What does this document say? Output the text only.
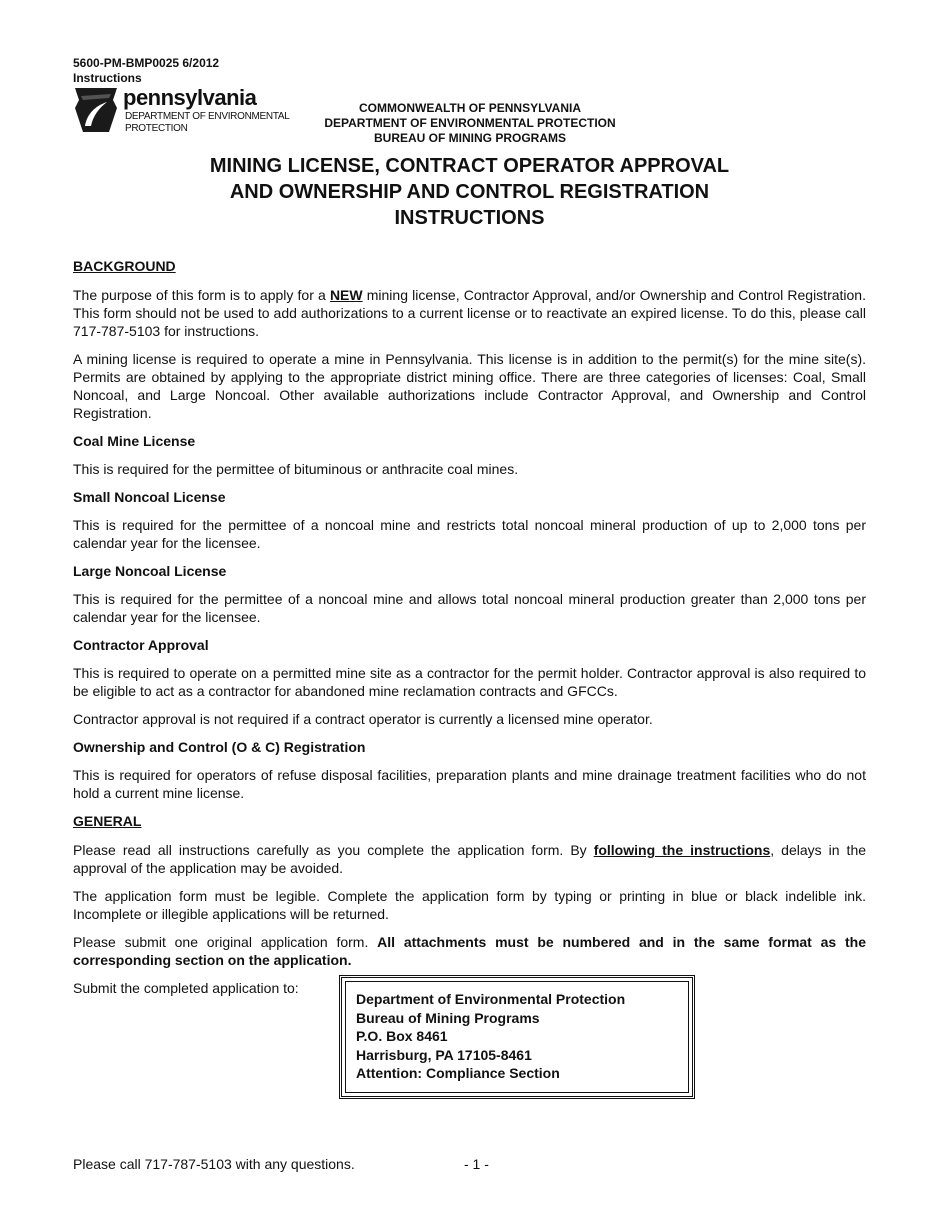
5600-PM-BMP0025 6/2012
Instructions
pennsylvania
DEPARTMENT OF ENVIRONMENTAL
PROTECTION
COMMONWEALTH OF PENNSYLVANIA
DEPARTMENT OF ENVIRONMENTAL PROTECTION
BUREAU OF MINING PROGRAMS
MINING LICENSE, CONTRACT OPERATOR APPROVAL
AND OWNERSHIP AND CONTROL REGISTRATION
INSTRUCTIONS
BACKGROUND

The purpose of this form is to apply for a NEW mining license, Contractor Approval, and/or Ownership and Control Registration. This form should not be used to add authorizations to a current license or to reactivate an expired license. To do this, please call 717-787-5103 for instructions.

A mining license is required to operate a mine in Pennsylvania. This license is in addition to the permit(s) for the mine site(s). Permits are obtained by applying to the appropriate district mining office. There are three categories of licenses: Coal, Small Noncoal, and Large Noncoal. Other available authorizations include Contractor Approval, and Ownership and Control Registration.

Coal Mine License

This is required for the permittee of bituminous or anthracite coal mines.

Small Noncoal License

This is required for the permittee of a noncoal mine and restricts total noncoal mineral production of up to 2,000 tons per calendar year for the licensee.

Large Noncoal License

This is required for the permittee of a noncoal mine and allows total noncoal mineral production greater than 2,000 tons per calendar year for the licensee.

Contractor Approval

This is required to operate on a permitted mine site as a contractor for the permit holder. Contractor approval is also required to be eligible to act as a contractor for abandoned mine reclamation contracts and GFCCs.

Contractor approval is not required if a contract operator is currently a licensed mine operator.

Ownership and Control (O & C) Registration

This is required for operators of refuse disposal facilities, preparation plants and mine drainage treatment facilities who do not hold a current mine license.

GENERAL

Please read all instructions carefully as you complete the application form. By following the instructions, delays in the approval of the application may be avoided.

The application form must be legible. Complete the application form by typing or printing in blue or black indelible ink. Incomplete or illegible applications will be returned.

Please submit one original application form. All attachments must be numbered and in the same format as the corresponding section on the application.

Submit the completed application to:
Department of Environmental Protection
Bureau of Mining Programs
P.O. Box 8461
Harrisburg, PA 17105-8461
Attention: Compliance Section
Please call 717-787-5103 with any questions.	- 1 -
